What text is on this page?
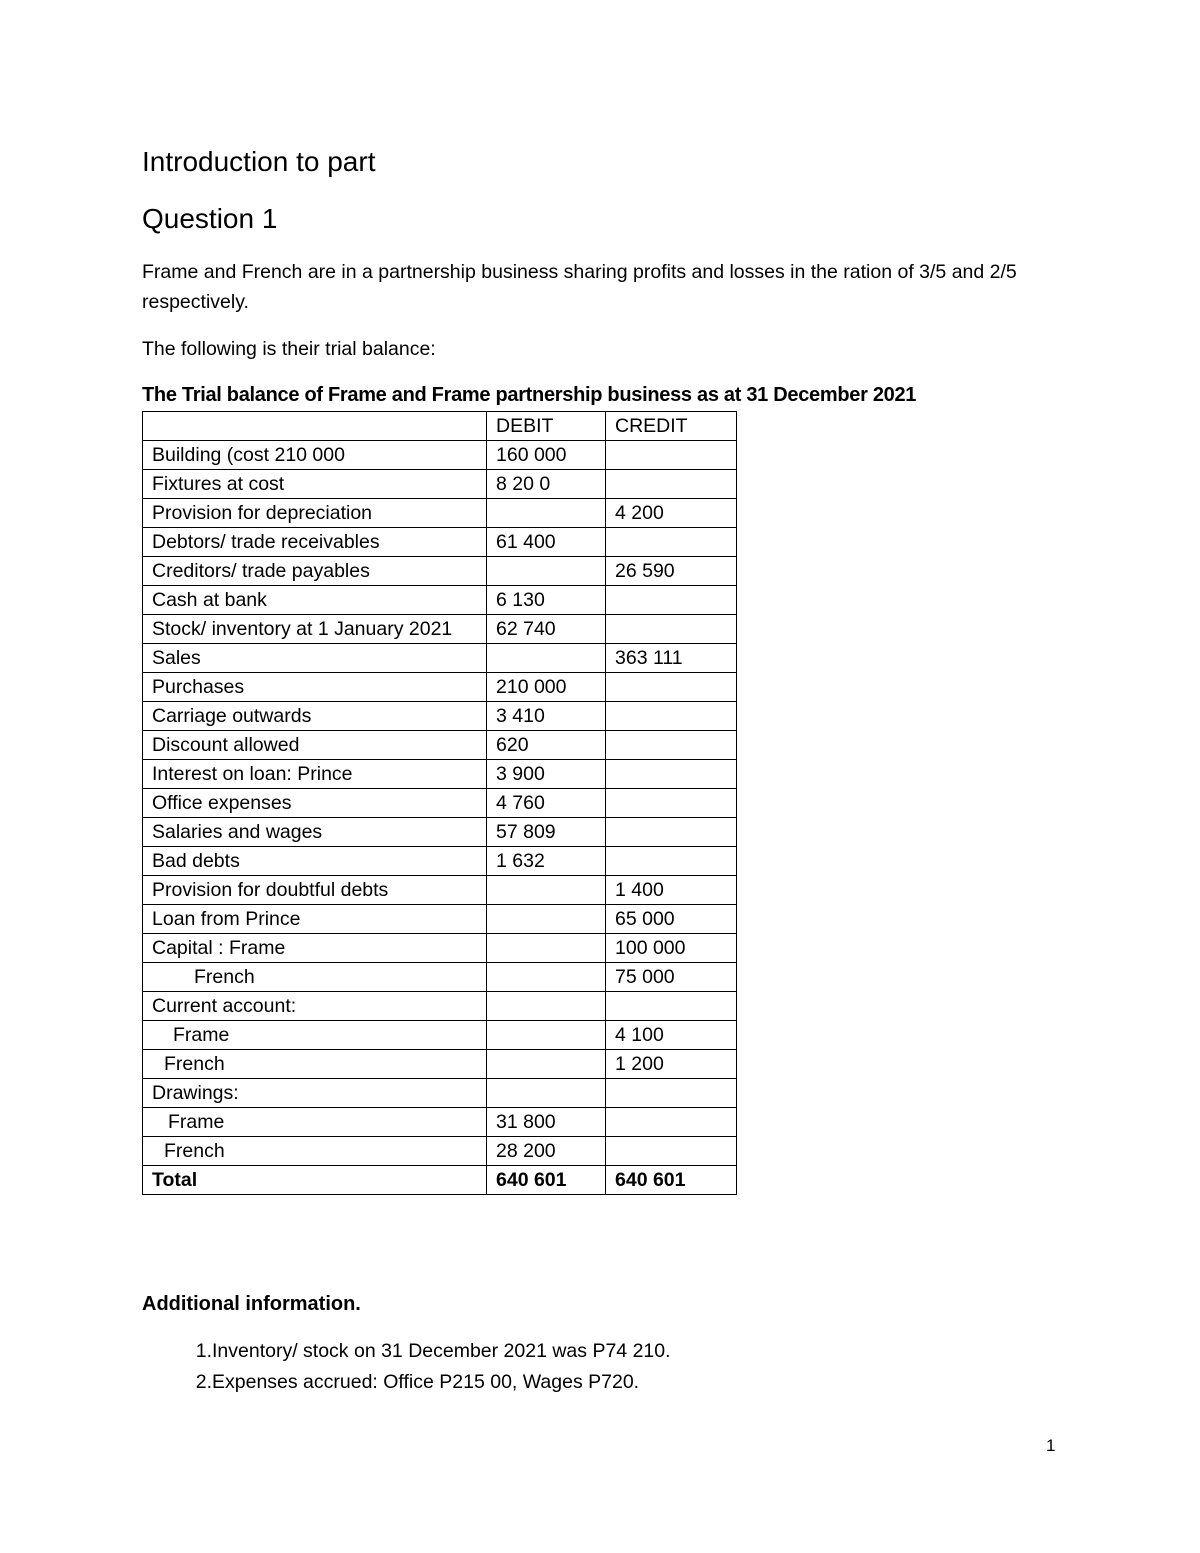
Introduction to part
Question 1

Frame and French are in a partnership business sharing profits and losses in the ration of 3/5 and 2/5 respectively.

The following is their trial balance:

The Trial balance of Frame and Frame partnership business as at 31 December 2021

	DEBIT	CREDIT
Building (cost 210 000	160 000	
Fixtures at cost	8 20 0	
Provision for depreciation		4 200
Debtors/ trade receivables	61 400	
Creditors/ trade payables		26 590
Cash at bank	6 130	
Stock/ inventory at 1 January 2021	62 740	
Sales		363 111
Purchases	210 000	
Carriage outwards	3 410	
Discount allowed	620	
Interest on loan: Prince	3 900	
Office expenses	4 760	
Salaries and wages	57 809	
Bad debts	1 632	
Provision for doubtful debts		1 400
Loan from Prince		65 000
Capital : Frame		100 000
French		75 000
Current account:		
Frame		4 100
French		1 200
Drawings:		
Frame	31 800	
French	28 200	
Total	640 601	640 601

Additional information.

1. Inventory/ stock on 31 December 2021 was P74 210.
2. Expenses accrued: Office P215 00, Wages P720.
1
